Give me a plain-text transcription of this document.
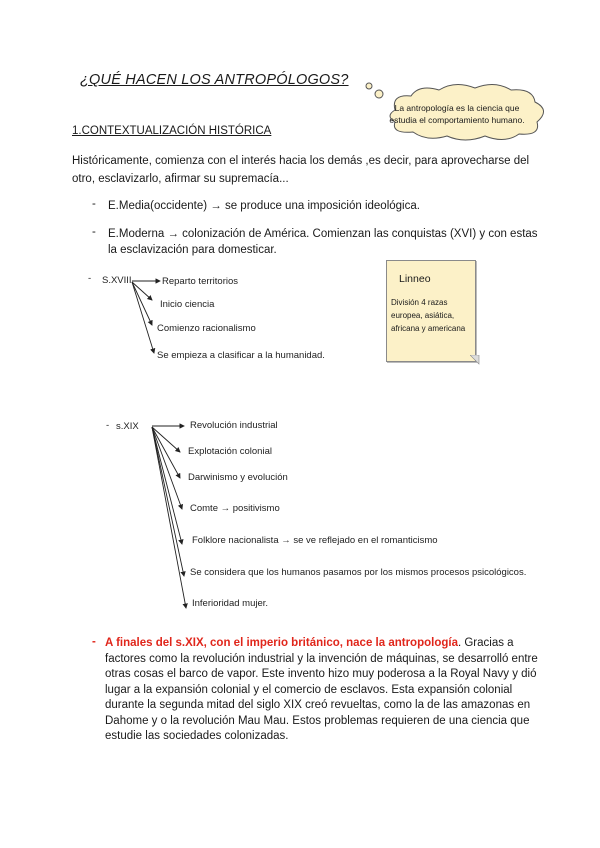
¿QUÉ HACEN LOS ANTROPÓLOGOS?
La antropología es la ciencia que estudia el comportamiento humano.
1.CONTEXTUALIZACIÓN HISTÓRICA
Históricamente, comienza con el interés hacia los demás ,es decir, para aprovecharse del otro, esclavizarlo, afirmar su supremacía...
- E.Media(occidente) → se produce una imposición ideológica.
- E.Moderna → colonización de América. Comienzan las conquistas (XVI) y con estas la esclavización para domesticar.
- S.XVIII	Reparto territorios
Inicio ciencia
Comienzo racionalismo
Se empieza a clasificar a la humanidad.
Linneo
División 4 razas europea, asiática, africana y americana
- s.XIX	Revolución industrial
Explotación colonial
Darwinismo y evolución
Comte → positivismo
Folklore nacionalista → se ve reflejado en el romanticismo
Se considera que los humanos pasamos por los mismos procesos psicológicos.
Inferioridad mujer.
- A finales del s.XIX, con el imperio británico, nace la antropología. Gracias a factores como la revolución industrial y la invención de máquinas, se desarrolló entre otras cosas el barco de vapor. Este invento hizo muy poderosa a la Royal Navy y dió lugar a la expansión colonial y el comercio de esclavos. Esta expansión colonial durante la segunda mitad del siglo XIX creó revueltas, como la de las amazonas en Dahome y o la revolución Mau Mau. Estos problemas requieren de una ciencia que estudie las sociedades colonizadas.
